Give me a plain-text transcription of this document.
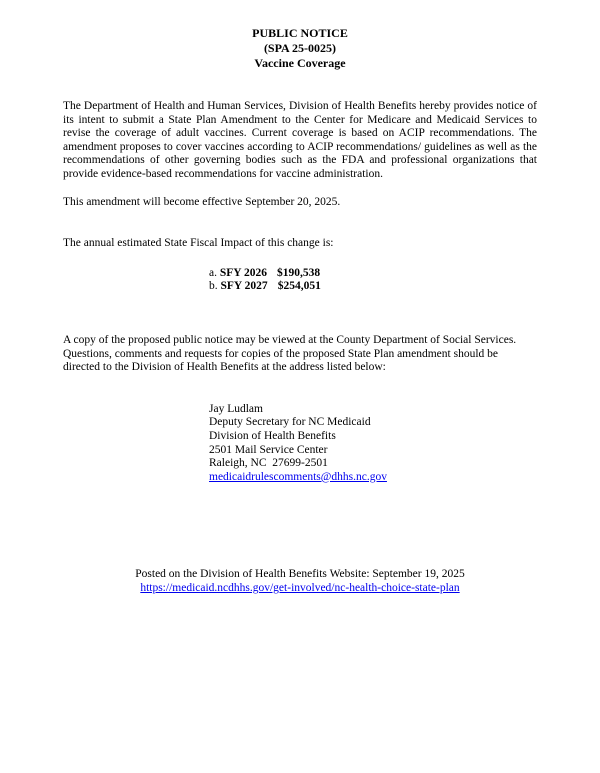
PUBLIC NOTICE
(SPA 25-0025)
Vaccine Coverage
The Department of Health and Human Services, Division of Health Benefits hereby provides notice of its intent to submit a State Plan Amendment to the Center for Medicare and Medicaid Services to revise the coverage of adult vaccines. Current coverage is based on ACIP recommendations. The amendment proposes to cover vaccines according to ACIP recommendations/ guidelines as well as the recommendations of other governing bodies such as the FDA and professional organizations that provide evidence-based recommendations for vaccine administration.
This amendment will become effective September 20, 2025.
The annual estimated State Fiscal Impact of this change is:
a. SFY 2026 $190,538
b. SFY 2027 $254,051
A copy of the proposed public notice may be viewed at the County Department of Social Services. Questions, comments and requests for copies of the proposed State Plan amendment should be directed to the Division of Health Benefits at the address listed below:
Jay Ludlam
Deputy Secretary for NC Medicaid
Division of Health Benefits
2501 Mail Service Center
Raleigh, NC  27699-2501
medicaidrulescomments@dhhs.nc.gov
Posted on the Division of Health Benefits Website: September 19, 2025
https://medicaid.ncdhhs.gov/get-involved/nc-health-choice-state-plan
